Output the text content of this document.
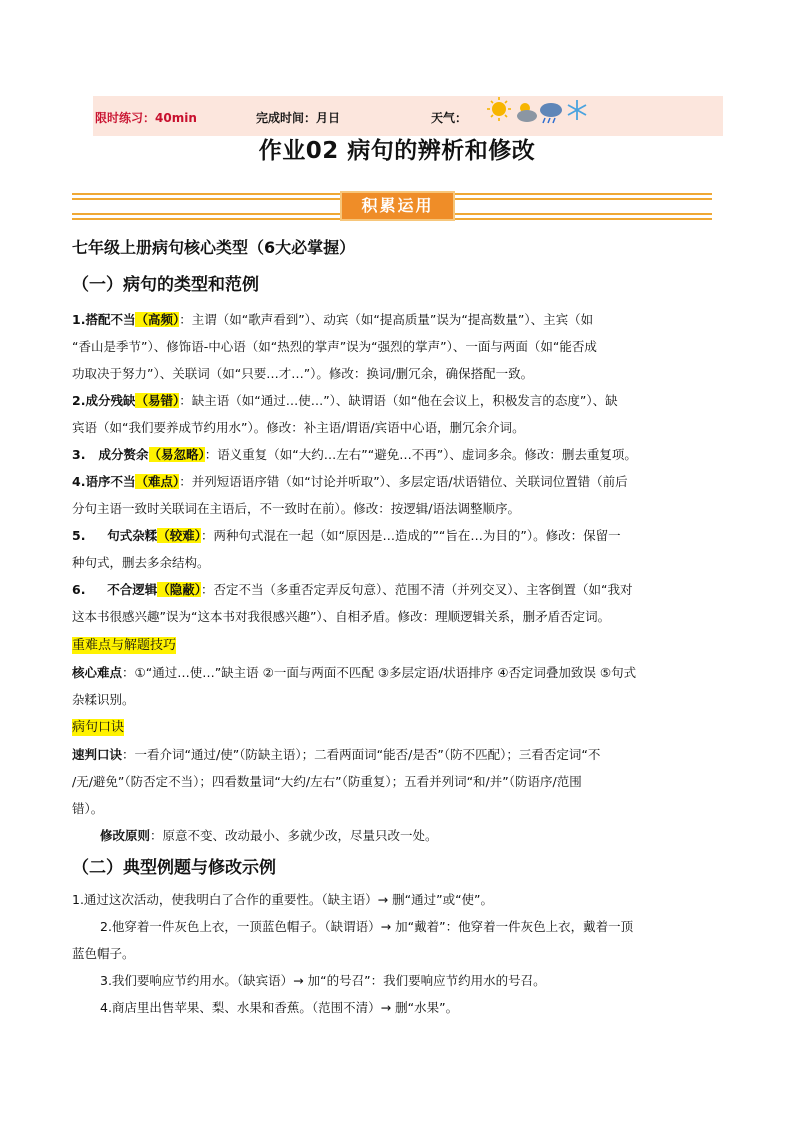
限时练习：40min	完成时间：月日	天气：
作业02 病句的辨析和修改
积累运用
七年级上册病句核心类型（6大必掌握）
（一）病句的类型和范例
1.搭配不当（高频）：主谓（如“歌声看到”）、动宾（如“提高质量”误为“提高数量”）、主宾（如
“香山是季节”）、修饰语-中心语（如“热烈的掌声”误为“强烈的掌声”）、一面与两面（如“能否成
功取决于努力”）、关联词（如“只要…才…”）。修改：换词/删冗余，确保搭配一致。
2.成分残缺（易错）：缺主语（如“通过…使…”）、缺谓语（如“他在会议上，积极发言的态度”）、缺
宾语（如“我们要养成节约用水”）。修改：补主语/谓语/宾语中心语，删冗余介词。
3.   成分赘余（易忽略）：语义重复（如“大约…左右”“避免…不再”）、虚词多余。修改：删去重复项。
4.语序不当（难点）：并列短语语序错（如“讨论并听取”）、多层定语/状语错位、关联词位置错（前后
分句主语一致时关联词在主语后，不一致时在前）。修改：按逻辑/语法调整顺序。
5.     句式杂糅（较难）：两种句式混在一起（如“原因是…造成的”“旨在…为目的”）。修改：保留一
种句式，删去多余结构。
6.     不合逻辑（隐蔽）：否定不当（多重否定弄反句意）、范围不清（并列交叉）、主客倒置（如“我对
这本书很感兴趣”误为“这本书对我很感兴趣”）、自相矛盾。修改：理顺逻辑关系，删矛盾否定词。
重难点与解题技巧
核心难点：①“通过…使…”缺主语 ②一面与两面不匹配 ③多层定语/状语排序 ④否定词叠加致误 ⑤句式
杂糅识别。
病句口诀
速判口诀：一看介词“通过/使”（防缺主语）；二看两面词“能否/是否”（防不匹配）；三看否定词“不
/无/避免”（防否定不当）；四看数量词“大约/左右”（防重复）；五看并列词“和/并”（防语序/范围
错）。
修改原则：原意不变、改动最小、多就少改，尽量只改一处。
（二）典型例题与修改示例
1.通过这次活动，使我明白了合作的重要性。（缺主语）→ 删“通过”或“使”。
2.他穿着一件灰色上衣，一顶蓝色帽子。（缺谓语）→ 加“戴着”：他穿着一件灰色上衣，戴着一顶
蓝色帽子。
3.我们要响应节约用水。（缺宾语）→ 加“的号召”：我们要响应节约用水的号召。
4.商店里出售苹果、梨、水果和香蕉。（范围不清）→ 删“水果”。
